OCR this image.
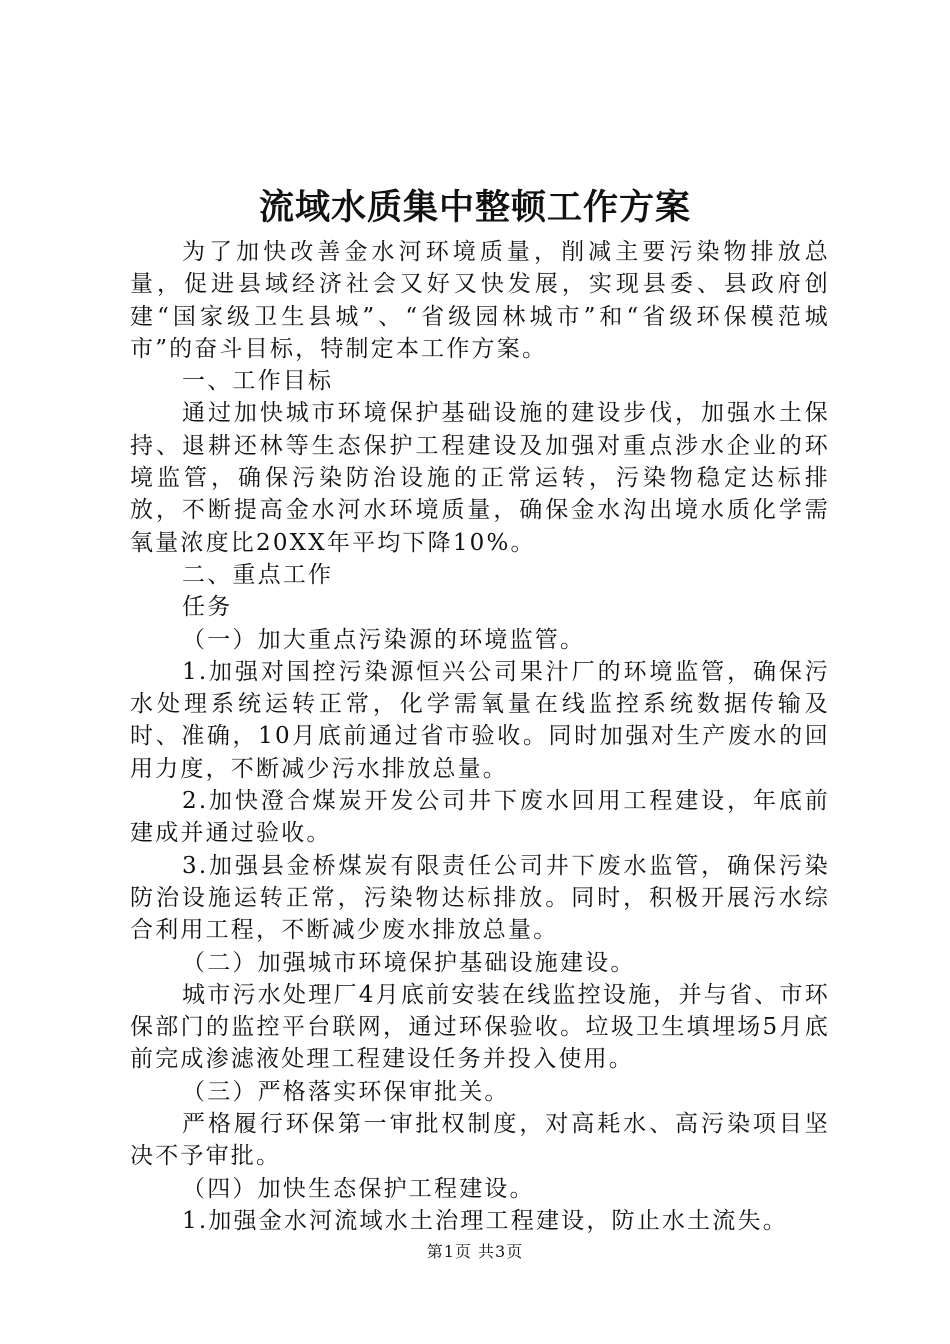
流域水质集中整顿工作方案

为了加快改善金水河环境质量，削减主要污染物排放总量，促进县域经济社会又好又快发展，实现县委、县政府创建“国家级卫生县城”、“省级园林城市”和“省级环保模范城市”的奋斗目标，特制定本工作方案。

一、工作目标

通过加快城市环境保护基础设施的建设步伐，加强水土保持、退耕还林等生态保护工程建设及加强对重点涉水企业的环境监管，确保污染防治设施的正常运转，污染物稳定达标排放，不断提高金水河水环境质量，确保金水沟出境水质化学需氧量浓度比20XX年平均下降10%。

二、重点工作

任务

（一）加大重点污染源的环境监管。

1.加强对国控污染源恒兴公司果汁厂的环境监管，确保污水处理系统运转正常，化学需氧量在线监控系统数据传输及时、准确，10月底前通过省市验收。同时加强对生产废水的回用力度，不断减少污水排放总量。

2.加快澄合煤炭开发公司井下废水回用工程建设，年底前建成并通过验收。

3.加强县金桥煤炭有限责任公司井下废水监管，确保污染防治设施运转正常，污染物达标排放。同时，积极开展污水综合利用工程，不断减少废水排放总量。

（二）加强城市环境保护基础设施建设。

城市污水处理厂4月底前安装在线监控设施，并与省、市环保部门的监控平台联网，通过环保验收。垃圾卫生填埋场5月底前完成渗滤液处理工程建设任务并投入使用。

（三）严格落实环保审批关。

严格履行环保第一审批权制度，对高耗水、高污染项目坚决不予审批。

（四）加快生态保护工程建设。

1.加强金水河流域水土治理工程建设，防止水土流失。

第1页 共3页
